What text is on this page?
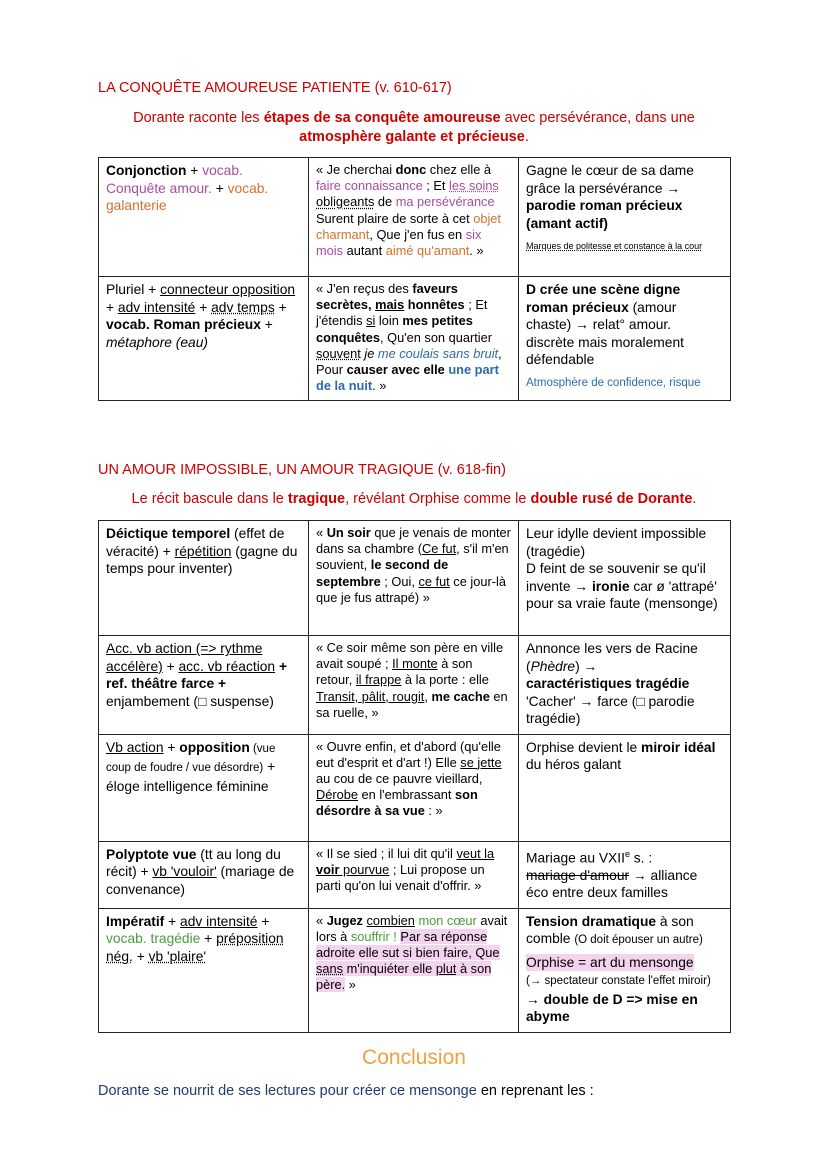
LA CONQUÊTE AMOUREUSE PATIENTE (v. 610-617)
Dorante raconte les étapes de sa conquête amoureuse avec persévérance, dans une atmosphère galante et précieuse.
Conjonction + vocab. Conquête amour. + vocab. galanterie	« Je cherchai donc chez elle à faire connaissance ; Et les soins obligeants de ma persévérance Surent plaire de sorte à cet objet charmant, Que j'en fus en six mois autant aimé qu'amant. »	Gagne le cœur de sa dame grâce la persévérance → parodie roman précieux (amant actif)
Marques de politesse et constance à la cour

Pluriel + connecteur opposition + adv intensité + adv temps + vocab. Roman précieux + métaphore (eau)	« J'en reçus des faveurs secrètes, mais honnêtes ; Et j'étendis si loin mes petites conquêtes, Qu'en son quartier souvent je me coulais sans bruit, Pour causer avec elle une part de la nuit. »	D crée une scène digne roman précieux (amour chaste) → relat° amour. discrète mais moralement défendable
Atmosphère de confidence, risque
UN AMOUR IMPOSSIBLE, UN AMOUR TRAGIQUE (v. 618-fin)
Le récit bascule dans le tragique, révélant Orphise comme le double rusé de Dorante.
Déictique temporel (effet de véracité) + répétition (gagne du temps pour inventer)	« Un soir que je venais de monter dans sa chambre (Ce fut, s'il m'en souvient, le second de septembre ; Oui, ce fut ce jour-là que je fus attrapé) »	Leur idylle devient impossible (tragédie)
D feint de se souvenir se qu'il invente → ironie car ø 'attrapé' pour sa vraie faute (mensonge)
Acc. vb action (=> rythme accélère) + acc. vb réaction + ref. théâtre farce + enjambement (□ suspense)	« Ce soir même son père en ville avait soupé ; Il monte à son retour, il frappe à la porte : elle Transit, pâlit, rougit, me cache en sa ruelle, »	Annonce les vers de Racine (Phèdre) →
caractéristiques tragédie
'Cacher' → farce (□ parodie tragédie)
Vb action + opposition (vue coup de foudre / vue désordre) + éloge intelligence féminine	« Ouvre enfin, et d'abord (qu'elle eut d'esprit et d'art !) Elle se jette au cou de ce pauvre vieillard, Dérobe en l'embrassant son désordre à sa vue : »	Orphise devient le miroir idéal du héros galant
Polyptote vue (tt au long du récit) + vb 'vouloir' (mariage de convenance)	« Il se sied ; il lui dit qu'il veut la voir pourvue ; Lui propose un parti qu'on lui venait d'offrir. »	Mariage au VXIIe s. :
mariage d'amour → alliance éco entre deux familles
Impératif + adv intensité + vocab. tragédie + préposition nég. + vb 'plaire'	« Jugez combien mon cœur avait lors à souffrir ! Par sa réponse adroite elle sut si bien faire, Que sans m'inquiéter elle plut à son père. »	Tension dramatique à son comble (O doit épouser un autre)
Orphise = art du mensonge
(→ spectateur constate l'effet miroir) → double de D => mise en abyme
Conclusion
Dorante se nourrit de ses lectures pour créer ce mensonge en reprenant les :
